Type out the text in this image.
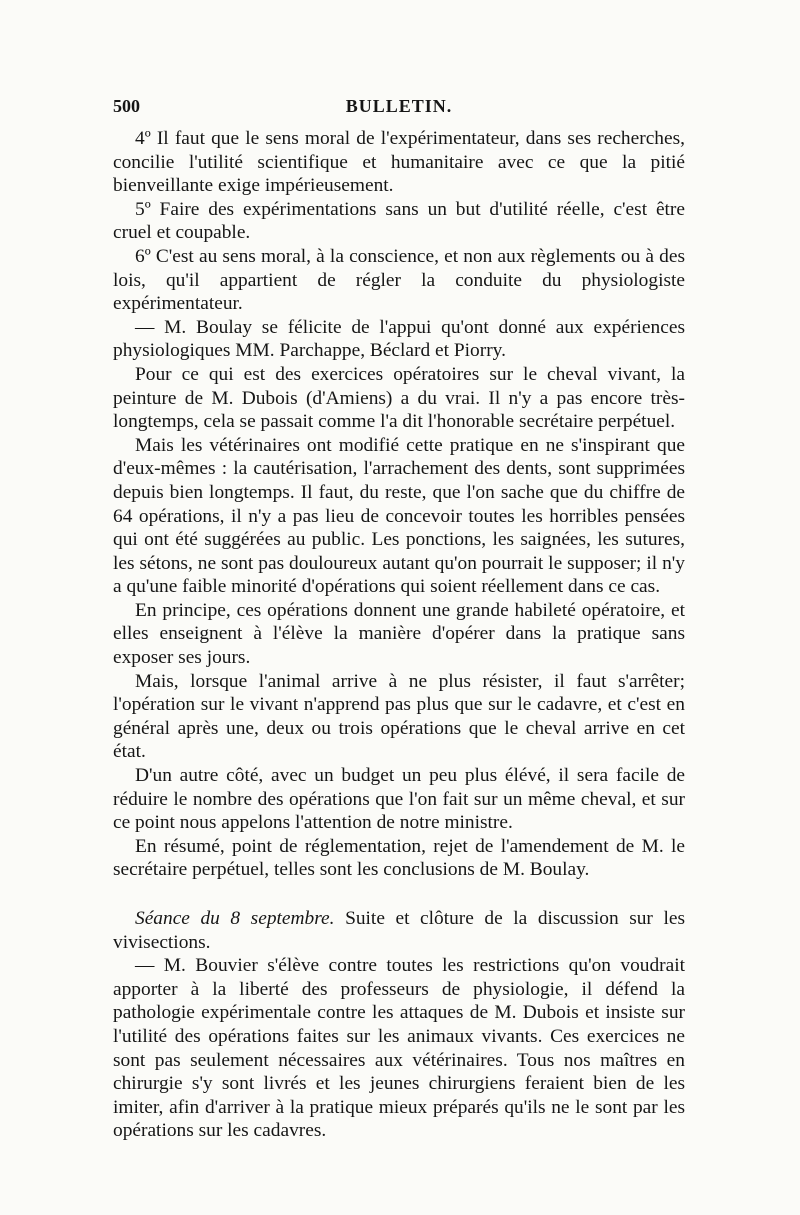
500	BULLETIN.

4º Il faut que le sens moral de l'expérimentateur, dans ses recherches, concilie l'utilité scientifique et humanitaire avec ce que la pitié bienveillante exige impérieusement.

5º Faire des expérimentations sans un but d'utilité réelle, c'est être cruel et coupable.

6º C'est au sens moral, à la conscience, et non aux règlements ou à des lois, qu'il appartient de régler la conduite du physiologiste expérimentateur.

— M. Boulay se félicite de l'appui qu'ont donné aux expériences physiologiques MM. Parchappe, Béclard et Piorry.

Pour ce qui est des exercices opératoires sur le cheval vivant, la peinture de M. Dubois (d'Amiens) a du vrai. Il n'y a pas encore très-longtemps, cela se passait comme l'a dit l'honorable secrétaire perpétuel.

Mais les vétérinaires ont modifié cette pratique en ne s'inspirant que d'eux-mêmes : la cautérisation, l'arrachement des dents, sont supprimées depuis bien longtemps. Il faut, du reste, que l'on sache que du chiffre de 64 opérations, il n'y a pas lieu de concevoir toutes les horribles pensées qui ont été suggérées au public. Les ponctions, les saignées, les sutures, les sétons, ne sont pas douloureux autant qu'on pourrait le supposer; il n'y a qu'une faible minorité d'opérations qui soient réellement dans ce cas.

En principe, ces opérations donnent une grande habileté opératoire, et elles enseignent à l'élève la manière d'opérer dans la pratique sans exposer ses jours.

Mais, lorsque l'animal arrive à ne plus résister, il faut s'arrêter; l'opération sur le vivant n'apprend pas plus que sur le cadavre, et c'est en général après une, deux ou trois opérations que le cheval arrive en cet état.

D'un autre côté, avec un budget un peu plus élévé, il sera facile de réduire le nombre des opérations que l'on fait sur un même cheval, et sur ce point nous appelons l'attention de notre ministre.

En résumé, point de réglementation, rejet de l'amendement de M. le secrétaire perpétuel, telles sont les conclusions de M. Boulay.

Séance du 8 septembre. Suite et clôture de la discussion sur les vivisections.

— M. Bouvier s'élève contre toutes les restrictions qu'on voudrait apporter à la liberté des professeurs de physiologie, il défend la pathologie expérimentale contre les attaques de M. Dubois et insiste sur l'utilité des opérations faites sur les animaux vivants. Ces exercices ne sont pas seulement nécessaires aux vétérinaires. Tous nos maîtres en chirurgie s'y sont livrés et les jeunes chirurgiens feraient bien de les imiter, afin d'arriver à la pratique mieux préparés qu'ils ne le sont par les opérations sur les cadavres.
